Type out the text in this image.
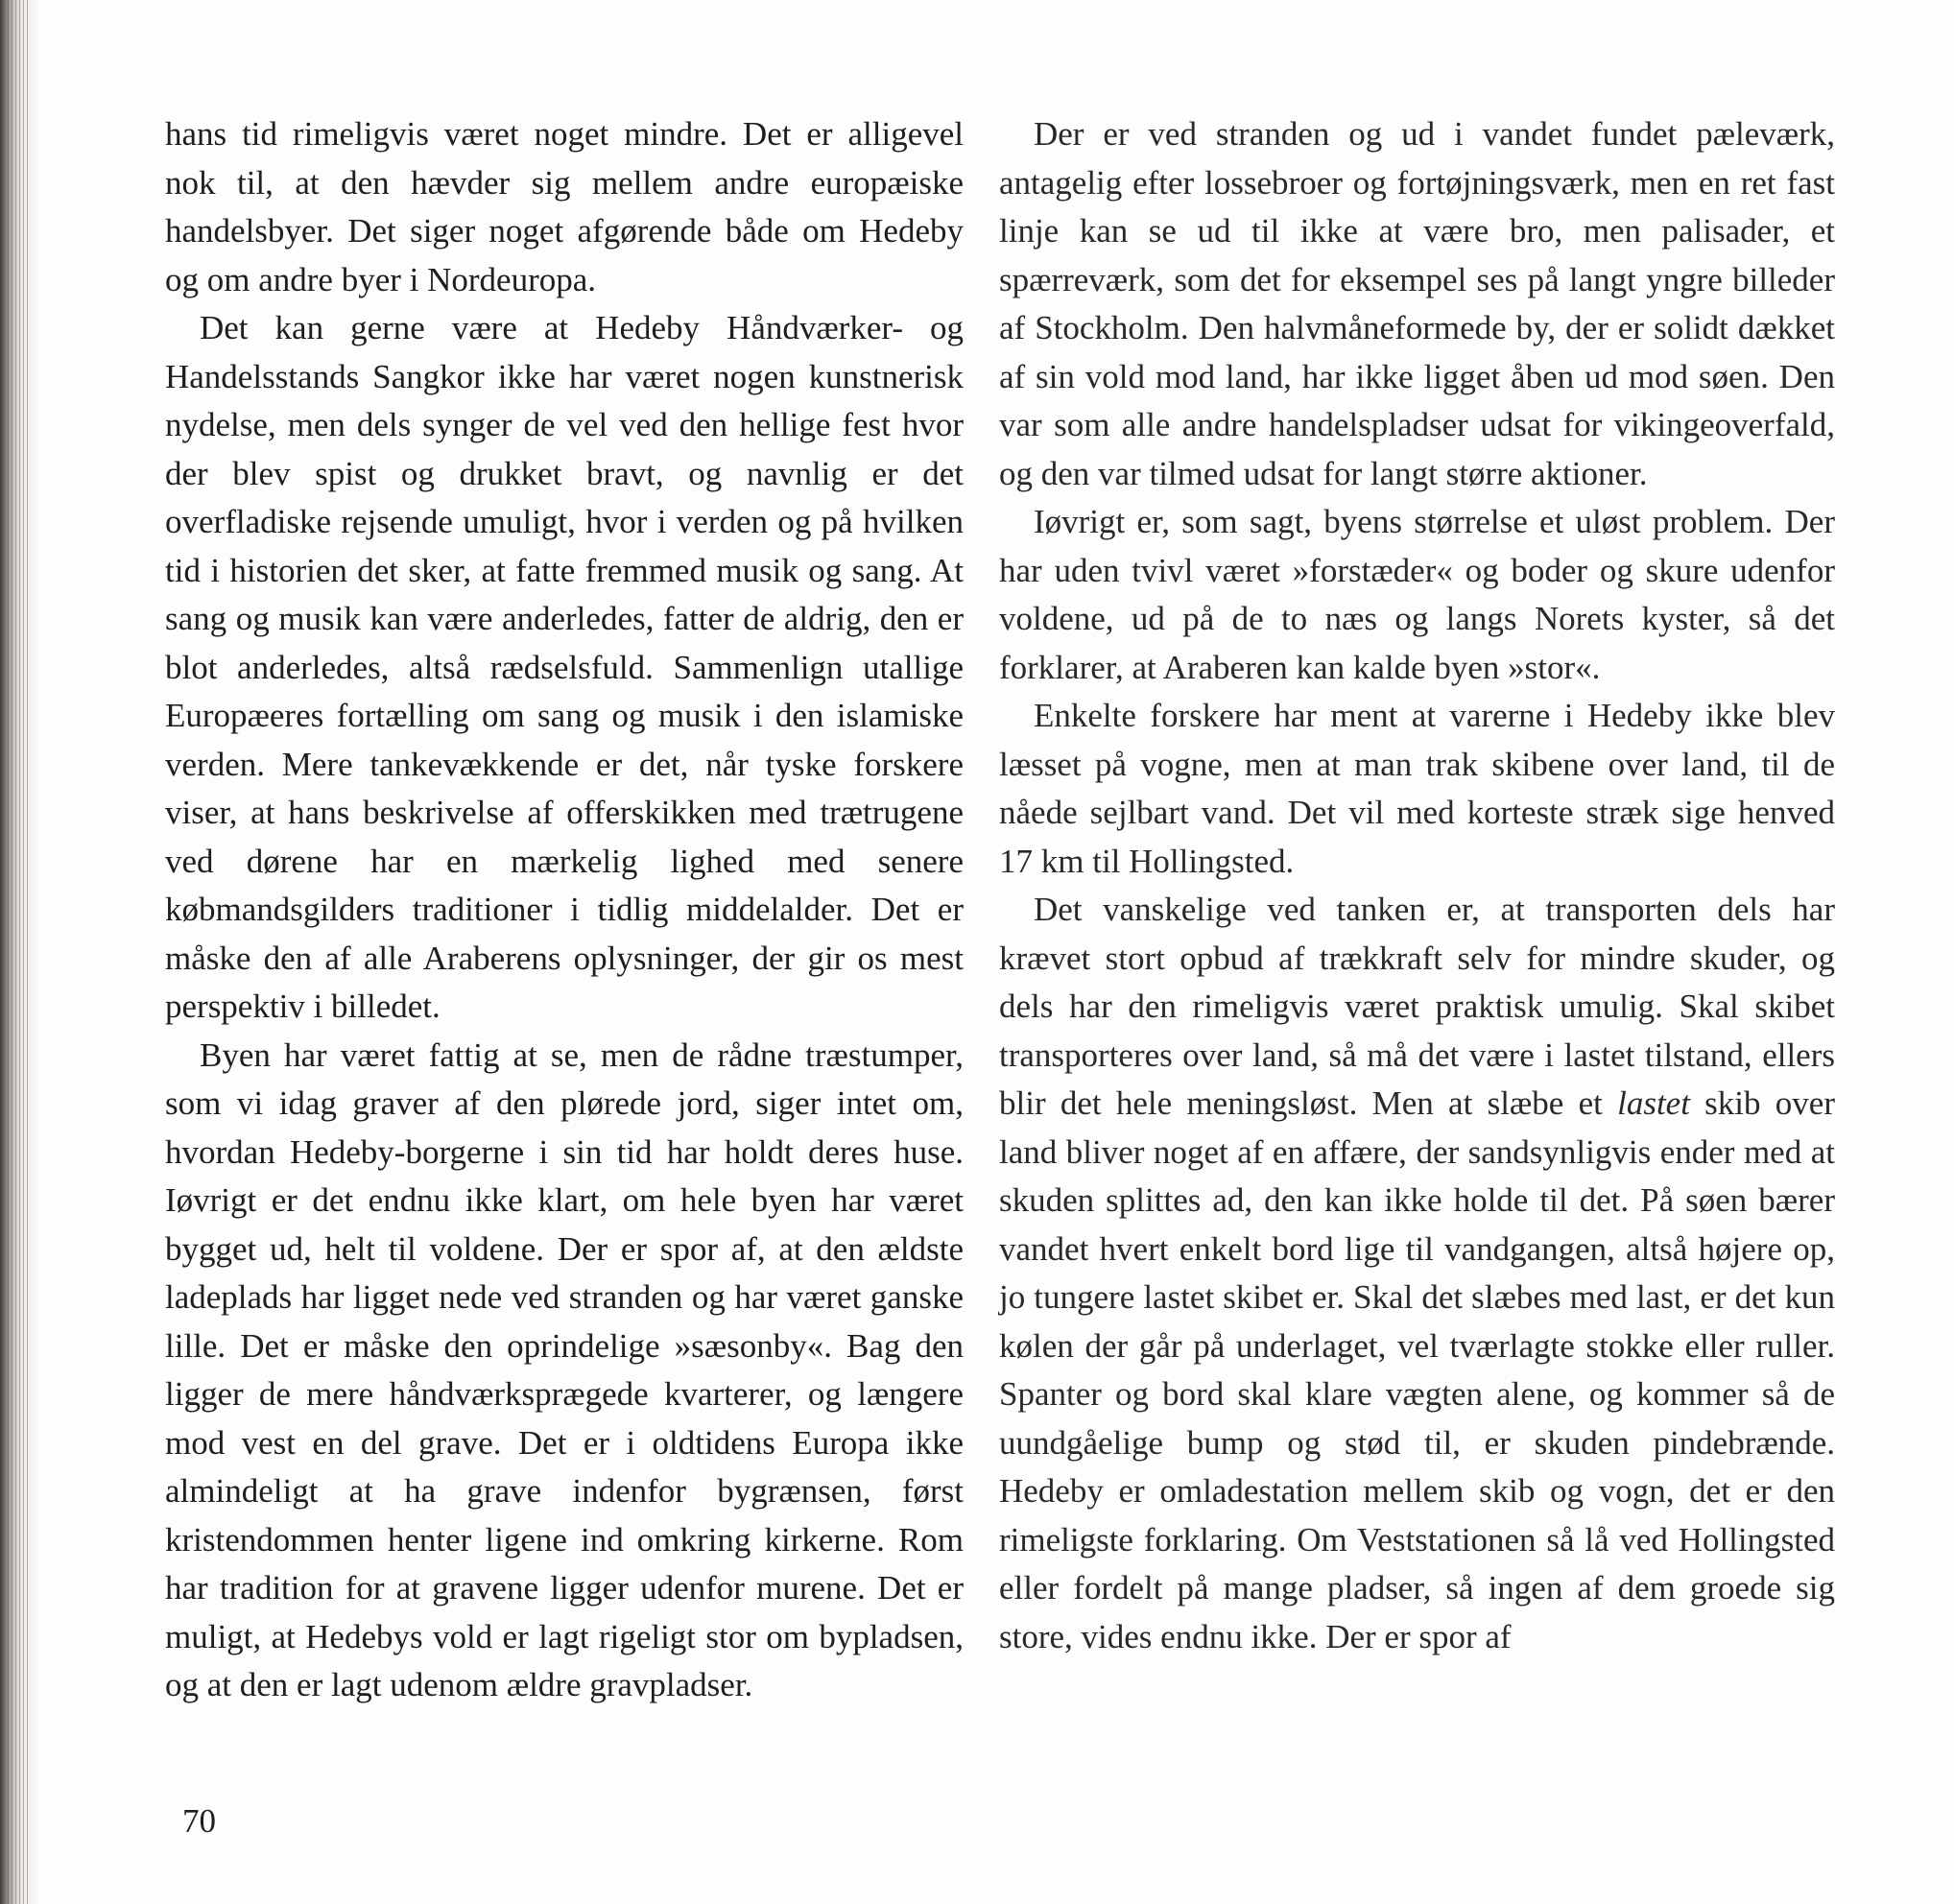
hans tid rimeligvis været noget mindre. Det er alligevel nok til, at den hævder sig mellem andre europæiske handelsbyer. Det siger noget afgørende både om Hedeby og om andre byer i Nordeuropa.

Det kan gerne være at Hedeby Håndværker- og Handelsstands Sangkor ikke har været nogen kunstnerisk nydelse, men dels synger de vel ved den hellige fest hvor der blev spist og drukket bravt, og navnlig er det overfladiske rejsende umuligt, hvor i verden og på hvilken tid i historien det sker, at fatte fremmed musik og sang. At sang og musik kan være anderledes, fatter de aldrig, den er blot anderledes, altså rædselsfuld. Sammenlign utallige Europæeres fortælling om sang og musik i den islamiske verden. Mere tankevækkende er det, når tyske forskere viser, at hans beskrivelse af offerskikken med trætrugene ved dørene har en mærkelig lighed med senere købmandsgilders traditioner i tidlig middelalder. Det er måske den af alle Araberens oplysninger, der gir os mest perspektiv i billedet.

Byen har været fattig at se, men de rådne træstumper, som vi idag graver af den plørede jord, siger intet om, hvordan Hedeby-borgerne i sin tid har holdt deres huse. Iøvrigt er det endnu ikke klart, om hele byen har været bygget ud, helt til voldene. Der er spor af, at den ældste ladeplads har ligget nede ved stranden og har været ganske lille. Det er måske den oprindelige »sæsonby«. Bag den ligger de mere håndværksprægede kvarterer, og længere mod vest en del grave. Det er i oldtidens Europa ikke almindeligt at ha grave indenfor bygrænsen, først kristendommen henter ligene ind omkring kirkerne. Rom har tradition for at gravene ligger udenfor murene. Det er muligt, at Hedebys vold er lagt rigeligt stor om bypladsen, og at den er lagt udenom ældre gravpladser.

Der er ved stranden og ud i vandet fundet pæleværk, antagelig efter lossebroer og fortøjningsværk, men en ret fast linje kan se ud til ikke at være bro, men palisader, et spærreværk, som det for eksempel ses på langt yngre billeder af Stockholm. Den halvmåneformede by, der er solidt dækket af sin vold mod land, har ikke ligget åben ud mod søen. Den var som alle andre handelspladser udsat for vikingeoverfald, og den var tilmed udsat for langt større aktioner.

Iøvrigt er, som sagt, byens størrelse et uløst problem. Der har uden tvivl været »forstæder« og boder og skure udenfor voldene, ud på de to næs og langs Norets kyster, så det forklarer, at Araberen kan kalde byen »stor«.

Enkelte forskere har ment at varerne i Hedeby ikke blev læsset på vogne, men at man trak skibene over land, til de nåede sejlbart vand. Det vil med korteste stræk sige henved 17 km til Hollingsted.

Det vanskelige ved tanken er, at transporten dels har krævet stort opbud af trækkraft selv for mindre skuder, og dels har den rimeligvis været praktisk umulig. Skal skibet transporteres over land, så må det være i lastet tilstand, ellers blir det hele meningsløst. Men at slæbe et lastet skib over land bliver noget af en affære, der sandsynligvis ender med at skuden splittes ad, den kan ikke holde til det. På søen bærer vandet hvert enkelt bord lige til vandgangen, altså højere op, jo tungere lastet skibet er. Skal det slæbes med last, er det kun kølen der går på underlaget, vel tværlagte stokke eller ruller. Spanter og bord skal klare vægten alene, og kommer så de uundgåelige bump og stød til, er skuden pindebrænde. Hedeby er omladestation mellem skib og vogn, det er den rimeligste forklaring. Om Veststationen så lå ved Hollingsted eller fordelt på mange pladser, så ingen af dem groede sig store, vides endnu ikke. Der er spor af

70
